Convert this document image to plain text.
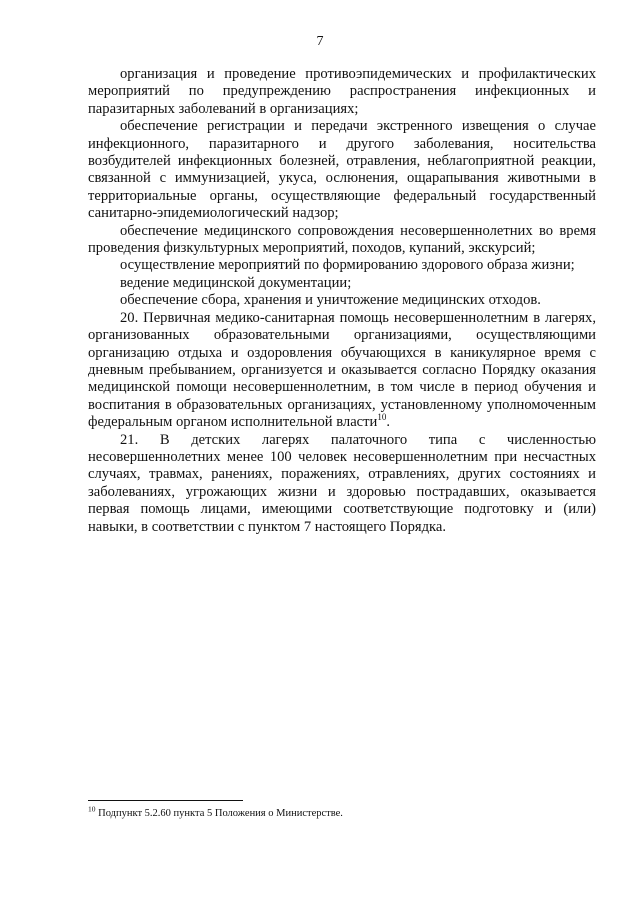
7

организация и проведение противоэпидемических и профилактических мероприятий по предупреждению распространения инфекционных и паразитарных заболеваний в организациях;

обеспечение регистрации и передачи экстренного извещения о случае инфекционного, паразитарного и другого заболевания, носительства возбудителей инфекционных болезней, отравления, неблагоприятной реакции, связанной с иммунизацией, укуса, ослюнения, ощарапывания животными в территориальные органы, осуществляющие федеральный государственный санитарно-эпидемиологический надзор;

обеспечение медицинского сопровождения несовершеннолетних во время проведения физкультурных мероприятий, походов, купаний, экскурсий;

осуществление мероприятий по формированию здорового образа жизни;

ведение медицинской документации;

обеспечение сбора, хранения и уничтожение медицинских отходов.

20. Первичная медико-санитарная помощь несовершеннолетним в лагерях, организованных образовательными организациями, осуществляющими организацию отдыха и оздоровления обучающихся в каникулярное время с дневным пребыванием, организуется и оказывается согласно Порядку оказания медицинской помощи несовершеннолетним, в том числе в период обучения и воспитания в образовательных организациях, установленному уполномоченным федеральным органом исполнительной власти$^{10}$.

21. В детских лагерях палаточного типа с численностью несовершеннолетних менее 100 человек несовершеннолетним при несчастных случаях, травмах, ранениях, поражениях, отравлениях, других состояниях и заболеваниях, угрожающих жизни и здоровью пострадавших, оказывается первая помощь лицами, имеющими соответствующие подготовку и (или) навыки, в соответствии с пунктом 7 настоящего Порядка.

$^{10}$ Подпункт 5.2.60 пункта 5 Положения о Министерстве.
